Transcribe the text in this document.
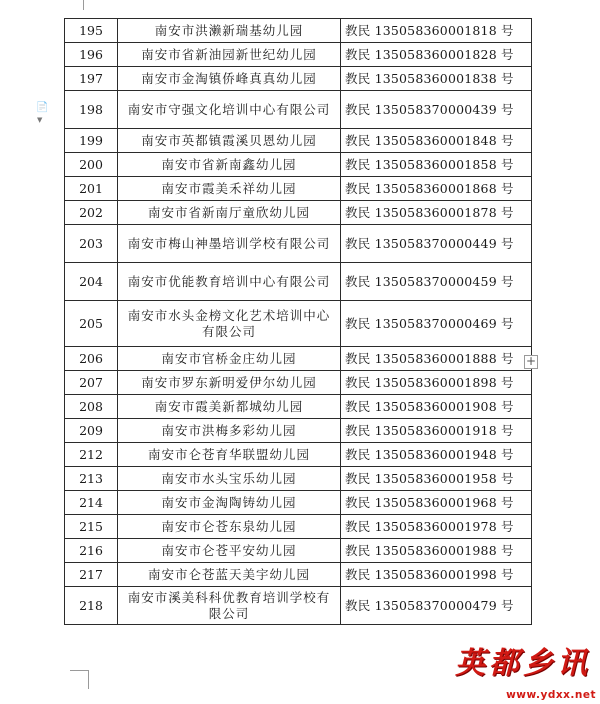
📄▼
195	南安市洪濑新瑞基幼儿园	教民 135058360001818 号
196	南安市省新油园新世纪幼儿园	教民 135058360001828 号
197	南安市金淘镇侨峰真真幼儿园	教民 135058360001838 号
198	南安市守强文化培训中心有限公司	教民 135058370000439 号
199	南安市英都镇霞溪贝恩幼儿园	教民 135058360001848 号
200	南安市省新南鑫幼儿园	教民 135058360001858 号
201	南安市霞美禾祥幼儿园	教民 135058360001868 号
202	南安市省新南厅童欣幼儿园	教民 135058360001878 号
203	南安市梅山神墨培训学校有限公司	教民 135058370000449 号
204	南安市优能教育培训中心有限公司	教民 135058370000459 号
205	南安市水头金榜文化艺术培训中心有限公司	教民 135058370000469 号
206	南安市官桥金庄幼儿园	教民 135058360001888 号
207	南安市罗东新明爱伊尔幼儿园	教民 135058360001898 号
208	南安市霞美新都城幼儿园	教民 135058360001908 号
209	南安市洪梅多彩幼儿园	教民 135058360001918 号
212	南安市仑苍育华联盟幼儿园	教民 135058360001948 号
213	南安市水头宝乐幼儿园	教民 135058360001958 号
214	南安市金淘陶铸幼儿园	教民 135058360001968 号
215	南安市仑苍东泉幼儿园	教民 135058360001978 号
216	南安市仑苍平安幼儿园	教民 135058360001988 号
217	南安市仑苍蓝天美宇幼儿园	教民 135058360001998 号
218	南安市溪美科科优教育培训学校有限公司	教民 135058370000479 号
+
英都乡讯
www.ydxx.net
